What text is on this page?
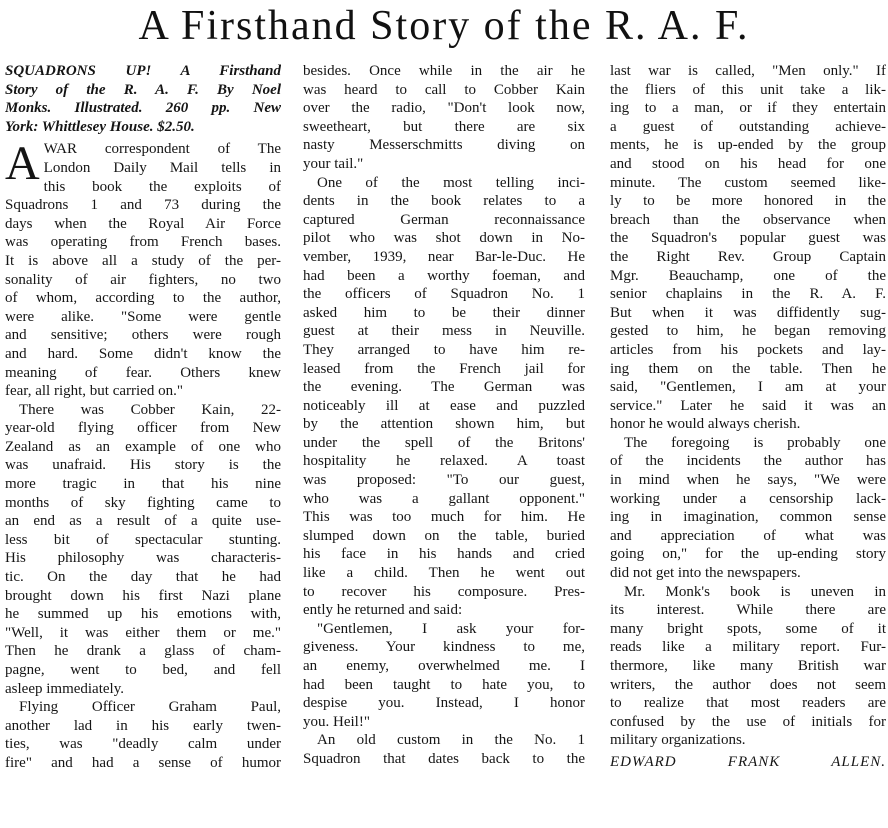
A Firsthand Story of the R. A. F.
SQUADRONS UP! A Firsthand
Story of the R. A. F. By Noel
Monks. Illustrated. 260 pp. New
York: Whittlesey House. $2.50.
A WAR correspondent of The
London Daily Mail tells in
this book the exploits of
Squadrons 1 and 73 during the
days when the Royal Air Force
was operating from French bases.
It is above all a study of the per-
sonality of air fighters, no two
of whom, according to the author,
were alike. "Some were gentle
and sensitive; others were rough
and hard. Some didn't know the
meaning of fear. Others knew
fear, all right, but carried on."
There was Cobber Kain, 22-
year-old flying officer from New
Zealand as an example of one who
was unafraid. His story is the
more tragic in that his nine
months of sky fighting came to
an end as a result of a quite use-
less bit of spectacular stunting.
His philosophy was characteris-
tic. On the day that he had
brought down his first Nazi plane
he summed up his emotions with,
"Well, it was either them or me."
Then he drank a glass of cham-
pagne, went to bed, and fell
asleep immediately.
Flying Officer Graham Paul,
another lad in his early twen-
ties, was "deadly calm under
fire" and had a sense of humor
besides. Once while in the air he
was heard to call to Cobber Kain
over the radio, "Don't look now,
sweetheart, but there are six
nasty Messerschmitts diving on
your tail."
One of the most telling inci-
dents in the book relates to a
captured German reconnaissance
pilot who was shot down in No-
vember, 1939, near Bar-le-Duc. He
had been a worthy foeman, and
the officers of Squadron No. 1
asked him to be their dinner
guest at their mess in Neuville.
They arranged to have him re-
leased from the French jail for
the evening. The German was
noticeably ill at ease and puzzled
by the attention shown him, but
under the spell of the Britons'
hospitality he relaxed. A toast
was proposed: "To our guest,
who was a gallant opponent."
This was too much for him. He
slumped down on the table, buried
his face in his hands and cried
like a child. Then he went out
to recover his composure. Pres-
ently he returned and said:
"Gentlemen, I ask your for-
giveness. Your kindness to me,
an enemy, overwhelmed me. I
had been taught to hate you, to
despise you. Instead, I honor
you. Heil!"
An old custom in the No. 1
Squadron that dates back to the
last war is called, "Men only." If
the fliers of this unit take a lik-
ing to a man, or if they entertain
a guest of outstanding achieve-
ments, he is up-ended by the group
and stood on his head for one
minute. The custom seemed like-
ly to be more honored in the
breach than the observance when
the Squadron's popular guest was
the Right Rev. Group Captain
Mgr. Beauchamp, one of the
senior chaplains in the R. A. F.
But when it was diffidently sug-
gested to him, he began removing
articles from his pockets and lay-
ing them on the table. Then he
said, "Gentlemen, I am at your
service." Later he said it was an
honor he would always cherish.
The foregoing is probably one
of the incidents the author has
in mind when he says, "We were
working under a censorship lack-
ing in imagination, common sense
and appreciation of what was
going on," for the up-ending story
did not get into the newspapers.
Mr. Monk's book is uneven in
its interest. While there are
many bright spots, some of it
reads like a military report. Fur-
thermore, like many British war
writers, the author does not seem
to realize that most readers are
confused by the use of initials for
military organizations.
EDWARD FRANK ALLEN.
